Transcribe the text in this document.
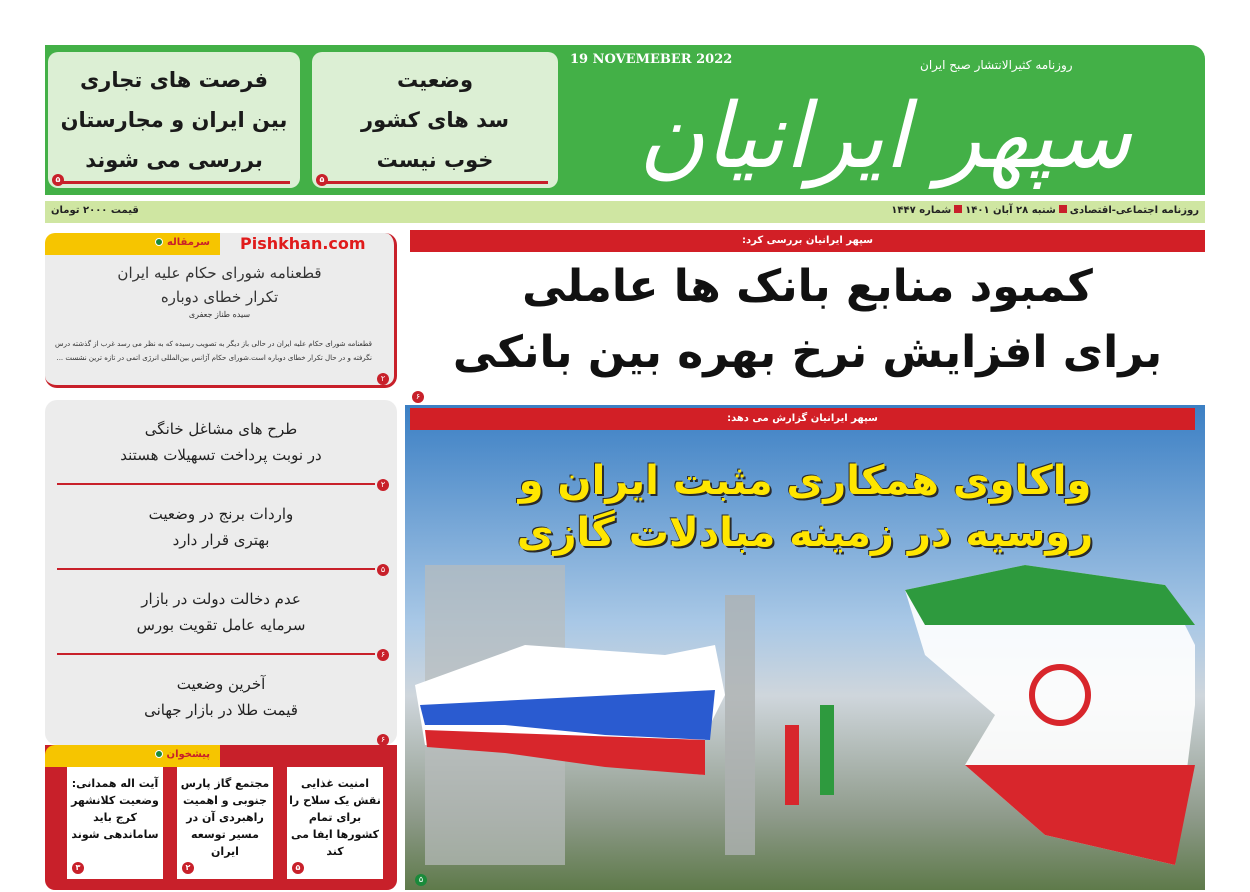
وضعیت
سد های کشور
خوب نیست
۵
فرصت های تجاری
بین ایران و مجارستان
بررسی می شوند
۵
19 NOVEMEBER 2022	روزنامه کثیرالانتشار صبح ایران
سپهر ایرانیان
روزنامه اجتماعی-اقتصادیشنبه ۲۸ آبان ۱۴۰۱شماره ۱۴۴۷
قیمت ۲۰۰۰ تومان
سرمقاله
قطعنامه شورای حکام علیه ایران
تکرار خطای دوباره
سیده طناز جعفری
قطعنامه شورای حکام علیه ایران در حالی باز دیگر به تصویب رسیده که به نظر می رسد غرب از گذشته درس نگرفته و در حال تکرار خطای دوباره است.شورای حکام آژانس بین‌المللی انرژی اتمی در تازه ترین نشست ...
۲
Pishkhan.com
طرح های مشاغل خانگی
در نوبت پرداخت تسهیلات هستند
۲
واردات برنج در وضعیت
بهتری قرار دارد
۵
عدم دخالت دولت در بازار
سرمایه عامل تقویت بورس
۶
آخرین وضعیت
قیمت طلا در بازار جهانی
۶
پیشخوان
امنیت غذایی نقش یک سلاح را برای تمام کشورها ایفا می کند
۵
مجتمع گاز پارس جنوبی و اهمیت راهبردی آن در مسیر توسعه ایران
۲
آیت اله همدانی: وضعیت کلانشهر کرج باید ساماندهی شوند
۳
سپهر ایرانیان بررسی کرد:
کمبود منابع بانک ها عاملی
برای افزایش نرخ بهره بین بانکی
۶
سپهر ایرانیان گزارش می دهد:
واکاوی همکاری مثبت ایران و
روسیه در زمینه مبادلات گازی
۵
